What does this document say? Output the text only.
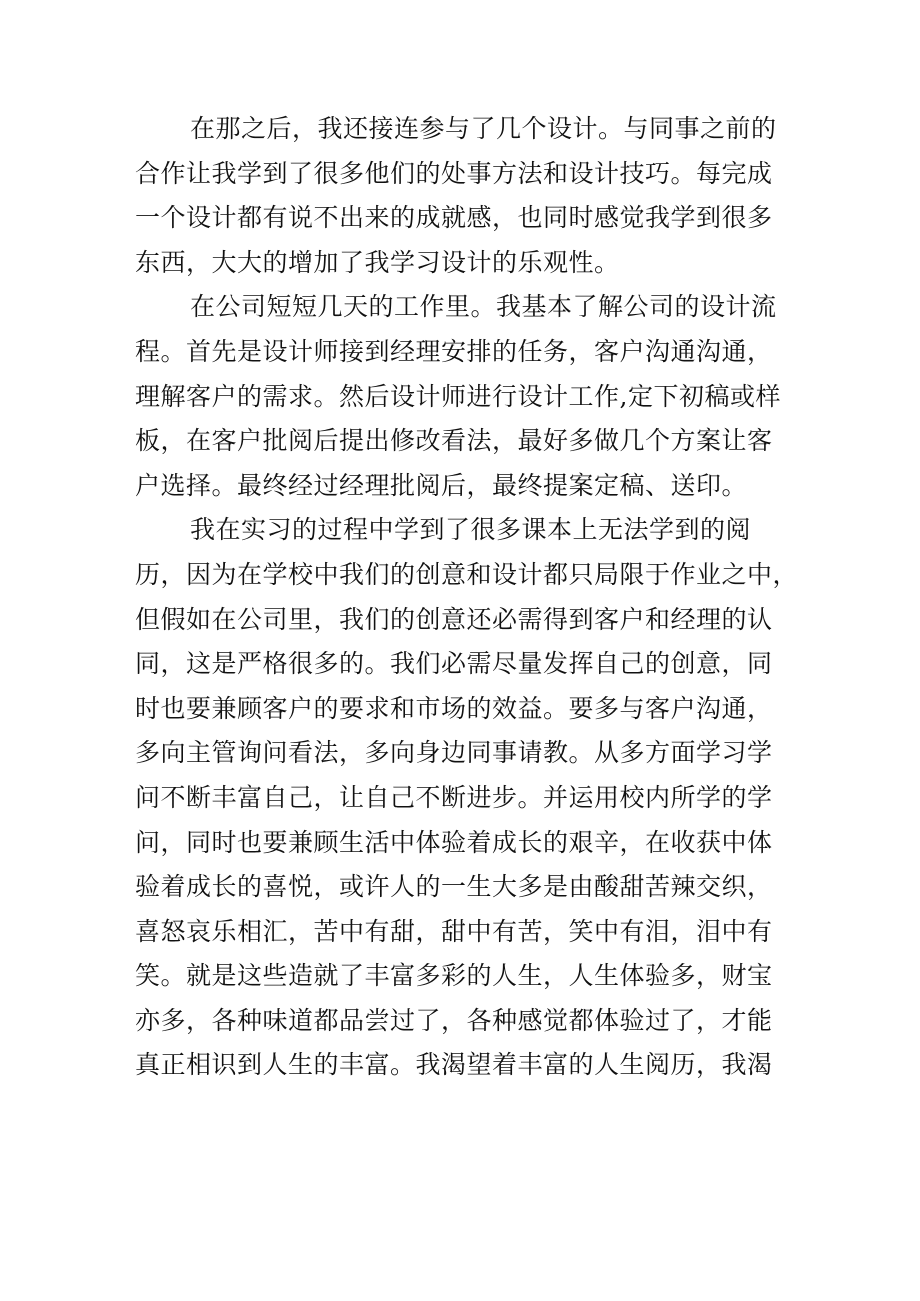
在那之后，我还接连参与了几个设计。与同事之前的
合作让我学到了很多他们的处事方法和设计技巧。每完成
一个设计都有说不出来的成就感，也同时感觉我学到很多
东西，大大的增加了我学习设计的乐观性。
在公司短短几天的工作里。我基本了解公司的设计流
程。首先是设计师接到经理安排的任务，客户沟通沟通，
理解客户的需求。然后设计师进行设计工作,定下初稿或样
板，在客户批阅后提出修改看法，最好多做几个方案让客
户选择。最终经过经理批阅后，最终提案定稿、送印。
我在实习的过程中学到了很多课本上无法学到的阅
历，因为在学校中我们的创意和设计都只局限于作业之中，
但假如在公司里，我们的创意还必需得到客户和经理的认
同，这是严格很多的。我们必需尽量发挥自己的创意，同
时也要兼顾客户的要求和市场的效益。要多与客户沟通，
多向主管询问看法，多向身边同事请教。从多方面学习学
问不断丰富自己，让自己不断进步。并运用校内所学的学
问，同时也要兼顾生活中体验着成长的艰辛，在收获中体
验着成长的喜悦，或许人的一生大多是由酸甜苦辣交织，
喜怒哀乐相汇，苦中有甜，甜中有苦，笑中有泪，泪中有
笑。就是这些造就了丰富多彩的人生，人生体验多，财宝
亦多，各种味道都品尝过了，各种感觉都体验过了，才能
真正相识到人生的丰富。我渴望着丰富的人生阅历，我渴
